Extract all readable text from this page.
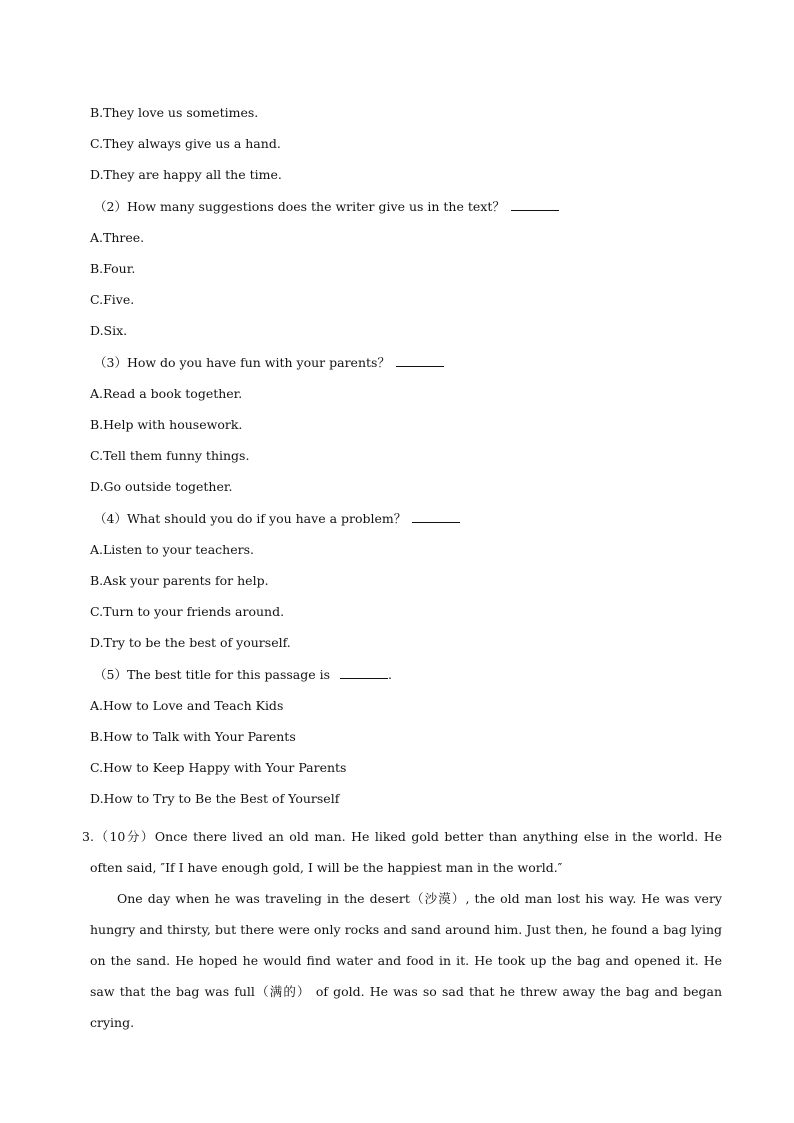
B.They love us sometimes.
C.They always give us a hand.
D.They are happy all the time.
（2）How many suggestions does the writer give us in the text？
A.Three.
B.Four.
C.Five.
D.Six.
（3）How do you have fun with your parents？
A.Read a book together.
B.Help with housework.
C.Tell them funny things.
D.Go outside together.
（4）What should you do if you have a problem？
A.Listen to your teachers.
B.Ask your parents for help.
C.Turn to your friends around.
D.Try to be the best of yourself.
（5）The best title for this passage is	.
A.How to Love and Teach Kids
B.How to Talk with Your Parents
C.How to Keep Happy with Your Parents
D.How to Try to Be the Best of Yourself

3.（10分）Once there lived an old man. He liked gold better than anything else in the world. He often said, ″If I have enough gold, I will be the happiest man in the world.″

One day when he was traveling in the desert（沙漠）, the old man lost his way. He was very hungry and thirsty, but there were only rocks and sand around him. Just then, he found a bag lying on the sand. He hoped he would find water and food in it. He took up the bag and opened it. He saw that the bag was full（满的） of gold. He was so sad that he threw away the bag and began crying.
